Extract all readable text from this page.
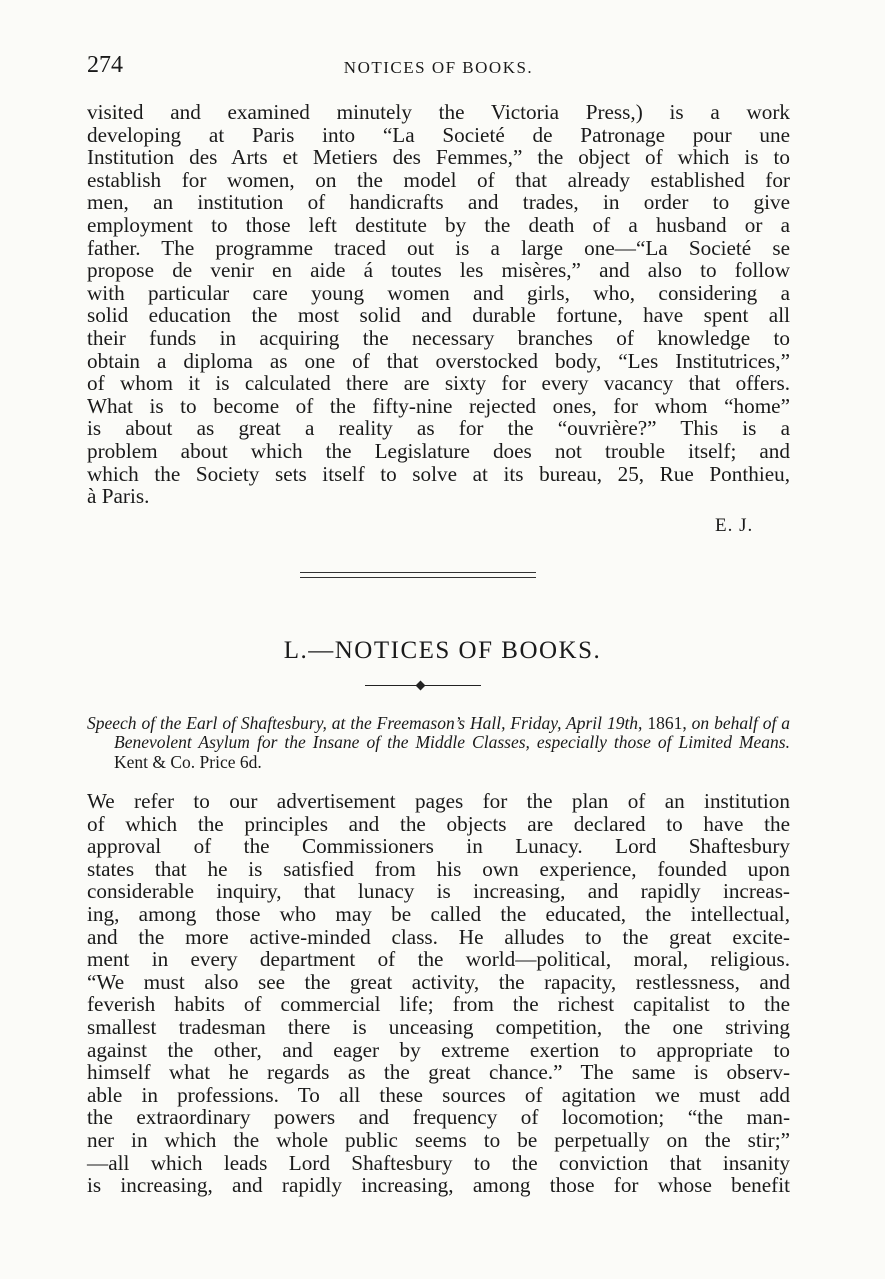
274	NOTICES OF BOOKS.

visited and examined minutely the Victoria Press,) is a work

developing at Paris into “La Societé de Patronage pour une

Institution des Arts et Metiers des Femmes,” the object of which is to

establish for women, on the model of that already established for

men, an institution of handicrafts and trades, in order to give

employment to those left destitute by the death of a husband or a

father. The programme traced out is a large one—“La Societé se

propose de venir en aide á toutes les misères,” and also to follow

with particular care young women and girls, who, considering a

solid education the most solid and durable fortune, have spent all

their funds in acquiring the necessary branches of knowledge to

obtain a diploma as one of that overstocked body, “Les Institutrices,”

of whom it is calculated there are sixty for every vacancy that offers.

What is to become of the fifty-nine rejected ones, for whom “home”

is about as great a reality as for the “ouvrière?” This is a

problem about which the Legislature does not trouble itself; and

which the Society sets itself to solve at its bureau, 25, Rue Ponthieu,

à Paris.

E. J.
L.—NOTICES OF BOOKS.
Speech of the Earl of Shaftesbury, at the Freemason’s Hall, Friday, April 19th, 1861, on behalf of a Benevolent Asylum for the Insane of the Middle Classes, especially those of Limited Means. Kent & Co. Price 6d.

We refer to our advertisement pages for the plan of an institution

of which the principles and the objects are declared to have the

approval of the Commissioners in Lunacy. Lord Shaftesbury

states that he is satisfied from his own experience, founded upon

considerable inquiry, that lunacy is increasing, and rapidly increas-

ing, among those who may be called the educated, the intellectual,

and the more active-minded class. He alludes to the great excite-

ment in every department of the world—political, moral, religious.

“We must also see the great activity, the rapacity, restlessness, and

feverish habits of commercial life; from the richest capitalist to the

smallest tradesman there is unceasing competition, the one striving

against the other, and eager by extreme exertion to appropriate to

himself what he regards as the great chance.” The same is observ-

able in professions. To all these sources of agitation we must add

the extraordinary powers and frequency of locomotion; “the man-

ner in which the whole public seems to be perpetually on the stir;”

—all which leads Lord Shaftesbury to the conviction that insanity

is increasing, and rapidly increasing, among those for whose benefit
